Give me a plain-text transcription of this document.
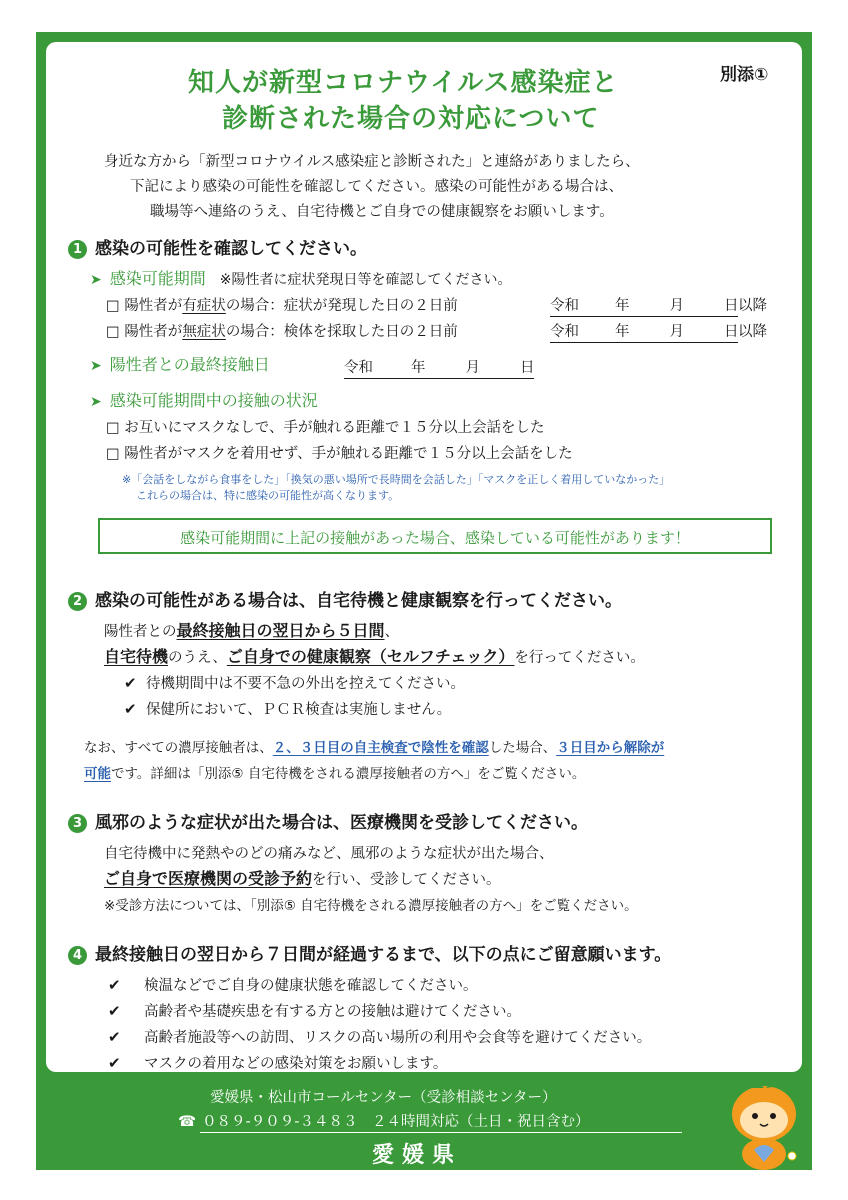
知人が新型コロナウイルス感染症と
診断された場合の対応について
別添①
身近な方から「新型コロナウイルス感染症と診断された」と連絡がありましたら、
下記により感染の可能性を確認してください。感染の可能性がある場合は、
職場等へ連絡のうえ、自宅待機とご自身での健康観察をお願いします。
1 感染の可能性を確認してください。
➤ 感染可能期間 ※陽性者に症状発現日等を確認してください。
□ 陽性者が有症状の場合：症状が発現した日の２日前	令和 年	月	日以降
□ 陽性者が無症状の場合：検体を採取した日の２日前	令和 年	月	日以降
➤ 陽性者との最終接触日	令和	年	月	日
➤ 感染可能期間中の接触の状況
□ お互いにマスクなしで、手が触れる距離で１５分以上会話をした
□ 陽性者がマスクを着用せず、手が触れる距離で１５分以上会話をした
※「会話をしながら食事をした」「換気の悪い場所で長時間を会話した」「マスクを正しく着用していなかった」
これらの場合は、特に感染の可能性が高くなります。
感染可能期間に上記の接触があった場合、感染している可能性があります！
2 感染の可能性がある場合は、自宅待機と健康観察を行ってください。
陽性者との最終接触日の翌日から５日間、
自宅待機のうえ、ご自身での健康観察（セルフチェック）を行ってください。
✔ 待機期間中は不要不急の外出を控えてください。
✔ 保健所において、ＰＣＲ検査は実施しません。
なお、すべての濃厚接触者は、２、３日目の自主検査で陰性を確認した場合、３日目から解除が
可能です。詳細は「別添⑤ 自宅待機をされる濃厚接触者の方へ」をご覧ください。
3 風邪のような症状が出た場合は、医療機関を受診してください。
自宅待機中に発熱やのどの痛みなど、風邪のような症状が出た場合、
ご自身で医療機関の受診予約を行い、受診してください。
※受診方法については、「別添⑤ 自宅待機をされる濃厚接触者の方へ」をご覧ください。
4 最終接触日の翌日から７日間が経過するまで、以下の点にご留意願います。
✔ 検温などでご自身の健康状態を確認してください。
✔ 高齢者や基礎疾患を有する方との接触は避けてください。
✔ 高齢者施設等への訪問、リスクの高い場所の利用や会食等を避けてください。
✔ マスクの着用などの感染対策をお願いします。
愛媛県・松山市コールセンター（受診相談センター）
☎ ０８９-９０９-３４８３　２４時間対応（土日・祝日含む）
愛媛県
